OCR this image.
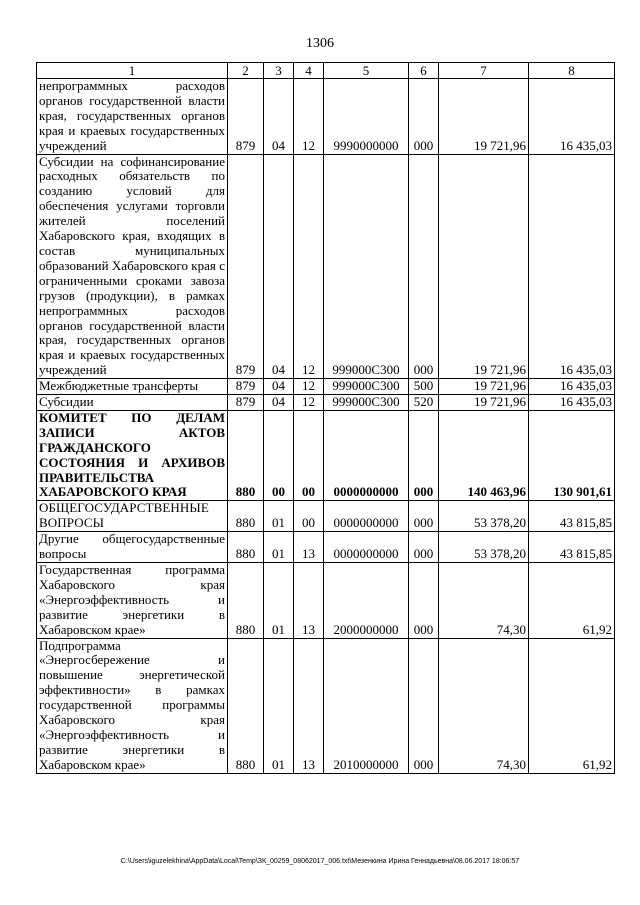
1306
1	2	3	4	5	6	7	8
непрограммных расходов органов государственной власти края, государственных органов края и краевых государственных учреждений	879	04	12	9990000000	000	19 721,96	16 435,03
Субсидии на софинансирование расходных обязательств по созданию условий для обеспечения услугами торговли жителей поселений Хабаровского края, входящих в состав муниципальных образований Хабаровского края с ограниченными сроками завоза грузов (продукции), в рамках непрограммных расходов органов государственной власти края, государственных органов края и краевых государственных учреждений	879	04	12	999000С300	000	19 721,96	16 435,03
Межбюджетные трансферты	879	04	12	999000С300	500	19 721,96	16 435,03
Субсидии	879	04	12	999000С300	520	19 721,96	16 435,03
КОМИТЕТ ПО ДЕЛАМ ЗАПИСИ АКТОВ ГРАЖДАНСКОГО СОСТОЯНИЯ И АРХИВОВ ПРАВИТЕЛЬСТВА ХАБАРОВСКОГО КРАЯ	880	00	00	0000000000	000	140 463,96	130 901,61
ОБЩЕГОСУДАРСТВЕННЫЕ ВОПРОСЫ	880	01	00	0000000000	000	53 378,20	43 815,85
Другие общегосударственные вопросы	880	01	13	0000000000	000	53 378,20	43 815,85
Государственная программа Хабаровского края «Энергоэффективность и развитие энергетики в Хабаровском крае»	880	01	13	2000000000	000	74,30	61,92
Подпрограмма «Энергосбережение и повышение энергетической эффективности» в рамках государственной программы Хабаровского края «Энергоэффективность и развитие энергетики в Хабаровском крае»	880	01	13	2010000000	000	74,30	61,92
C:\Users\iguzelekhina\AppData\Local\Temp\ЗК_00259_08062017_006.txt\Мезенкина Ирина Геннадьевна\08.06.2017 18:06:57
